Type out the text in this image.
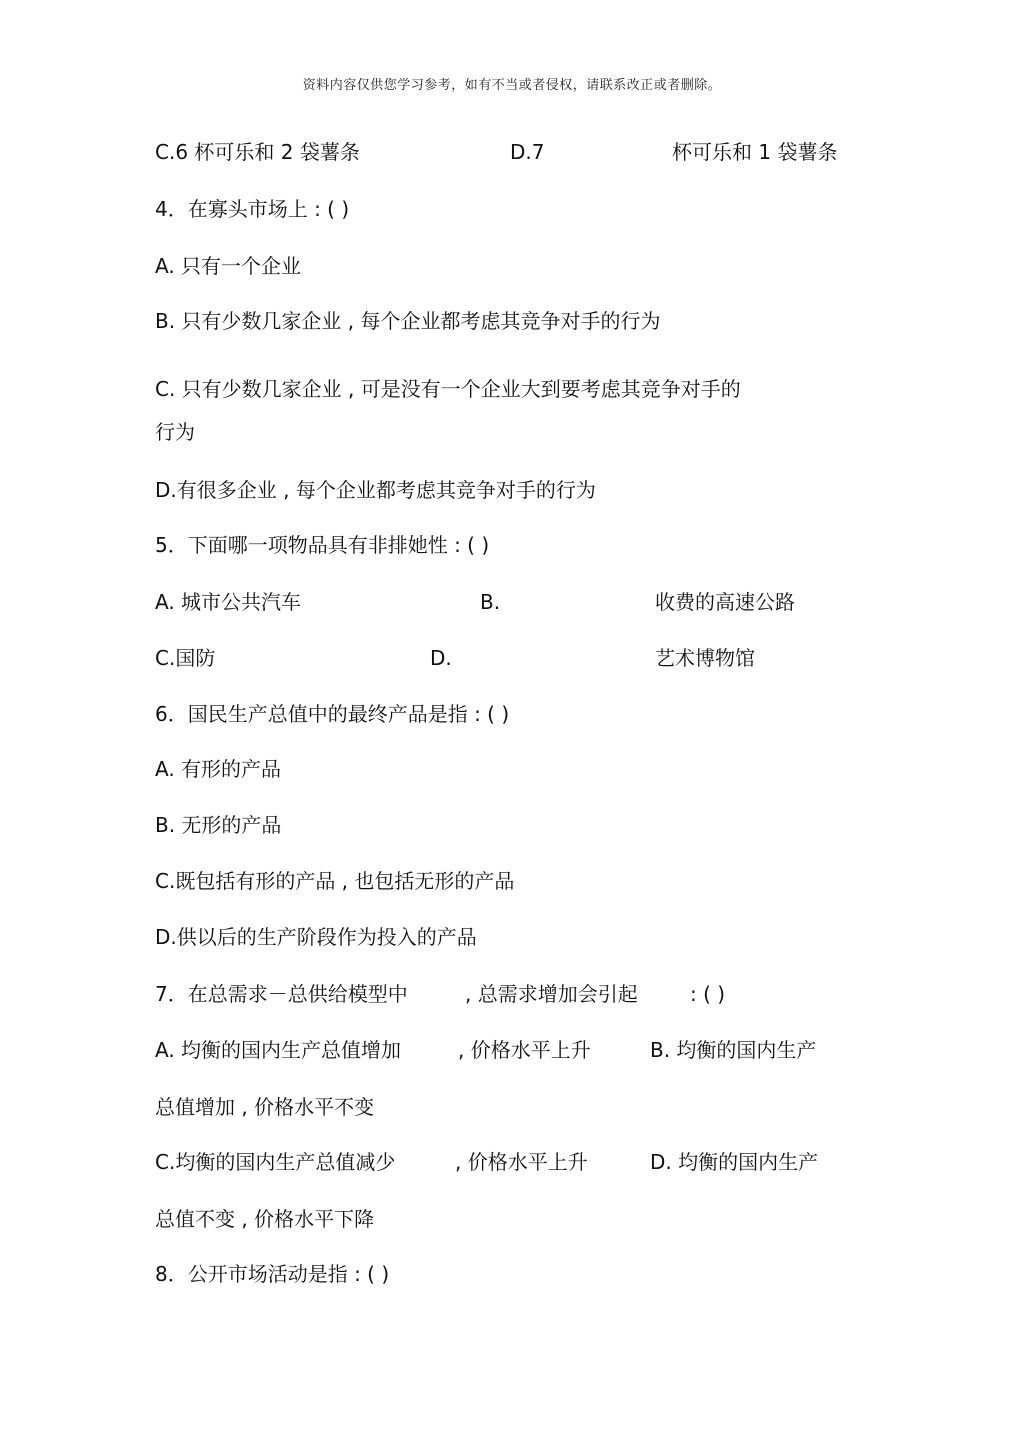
资料内容仅供您学习参考，如有不当或者侵权，请联系改正或者删除。
C.6 杯可乐和 2 袋薯条	D.7	杯可乐和 1 袋薯条
4．在寡头市场上 : ( )
A. 只有一个企业
B. 只有少数几家企业 , 每个企业都考虑其竞争对手的行为
C. 只有少数几家企业 , 可是没有一个企业大到要考虑其竞争对手的
行为
D.有很多企业 , 每个企业都考虑其竞争对手的行为
5．下面哪一项物品具有非排她性 : ( )
A. 城市公共汽车	B.	收费的高速公路
C.国防	D.	艺术博物馆
6．国民生产总值中的最终产品是指 : ( )
A. 有形的产品
B. 无形的产品
C.既包括有形的产品 , 也包括无形的产品
D.供以后的生产阶段作为投入的产品
7．在总需求－总供给模型中	, 总需求增加会引起	: ( )
A. 均衡的国内生产总值增加	, 价格水平上升	B. 均衡的国内生产
总值增加 , 价格水平不变
C.均衡的国内生产总值减少	, 价格水平上升	D. 均衡的国内生产
总值不变 , 价格水平下降
8．公开市场活动是指 : ( )
